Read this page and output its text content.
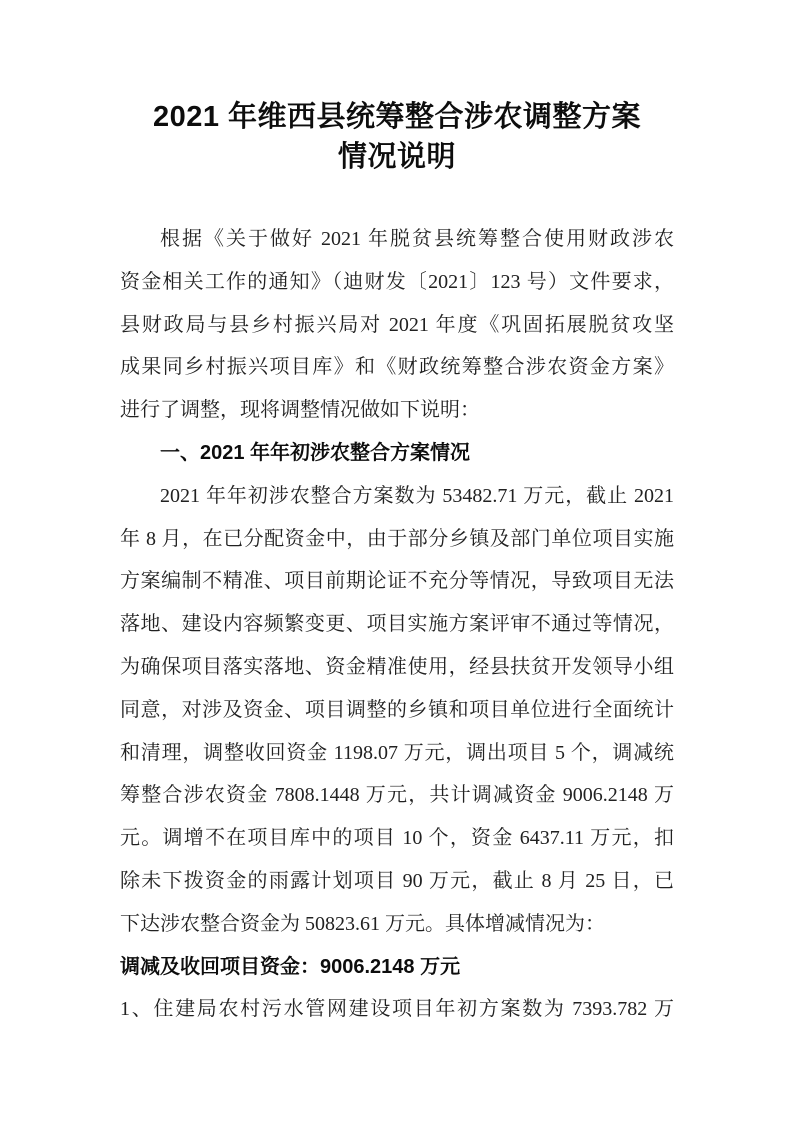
2021 年维西县统筹整合涉农调整方案
情况说明
根据《关于做好 2021 年脱贫县统筹整合使用财政涉农
资金相关工作的通知》（迪财发〔2021〕123 号）文件要求，
县财政局与县乡村振兴局对 2021 年度《巩固拓展脱贫攻坚
成果同乡村振兴项目库》和《财政统筹整合涉农资金方案》
进行了调整，现将调整情况做如下说明：
一、2021 年年初涉农整合方案情况
2021 年年初涉农整合方案数为 53482.71 万元，截止 2021
年 8 月，在已分配资金中，由于部分乡镇及部门单位项目实施
方案编制不精准、项目前期论证不充分等情况，导致项目无法
落地、建设内容频繁变更、项目实施方案评审不通过等情况，
为确保项目落实落地、资金精准使用，经县扶贫开发领导小组
同意，对涉及资金、项目调整的乡镇和项目单位进行全面统计
和清理，调整收回资金 1198.07 万元，调出项目 5 个，调减统
筹整合涉农资金 7808.1448 万元，共计调减资金 9006.2148 万
元。调增不在项目库中的项目 10 个，资金 6437.11 万元，扣
除未下拨资金的雨露计划项目 90 万元，截止 8 月 25 日，已
下达涉农整合资金为 50823.61 万元。具体增减情况为：
调减及收回项目资金：9006.2148 万元
1、住建局农村污水管网建设项目年初方案数为 7393.782 万
